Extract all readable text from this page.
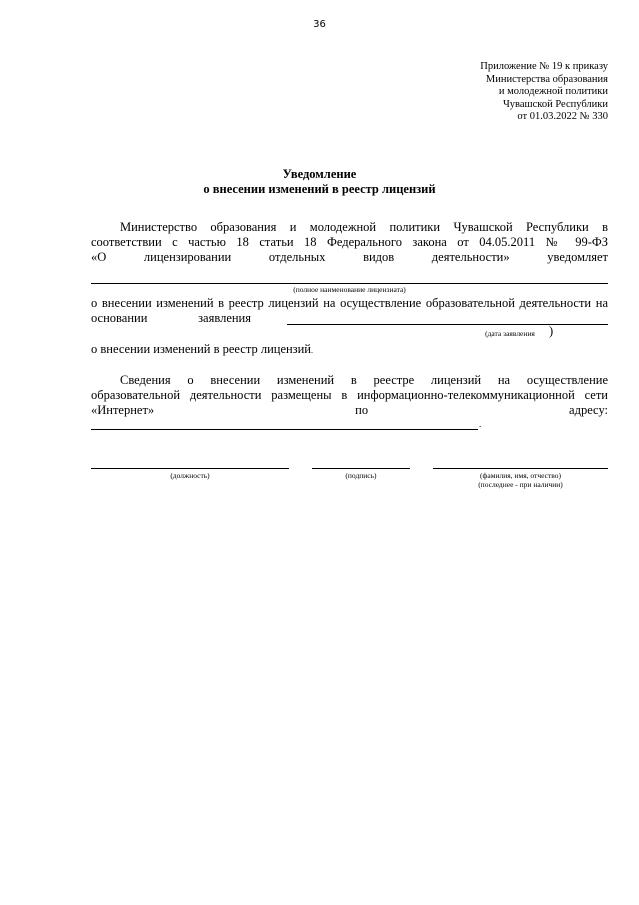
36
Приложение № 19 к приказу
Министерства образования
и молодежной политики
Чувашской Республики
от 01.03.2022 № 330
Уведомление
о внесении изменений в реестр лицензий
Министерство образования и молодежной политики Чувашской Республики в
соответствии с частью 18 статьи 18 Федерального закона от 04.05.2011 № 99-ФЗ
«О лицензировании отдельных видов деятельности» уведомляет
(полное наименование лицензиата)
о внесении изменений в реестр лицензий на осуществление образовательной деятельности на
основании заявления
(дата заявления	)
о внесении изменений в реестр лицензий.
Сведения о внесении изменений в реестре лицензий на осуществление
образовательной деятельности размещены в информационно-телекоммуникационной сети
«Интернет» по адресу:
.
(должность)	(подпись)	(фамилия, имя, отчество)
(последнее - при наличии)
